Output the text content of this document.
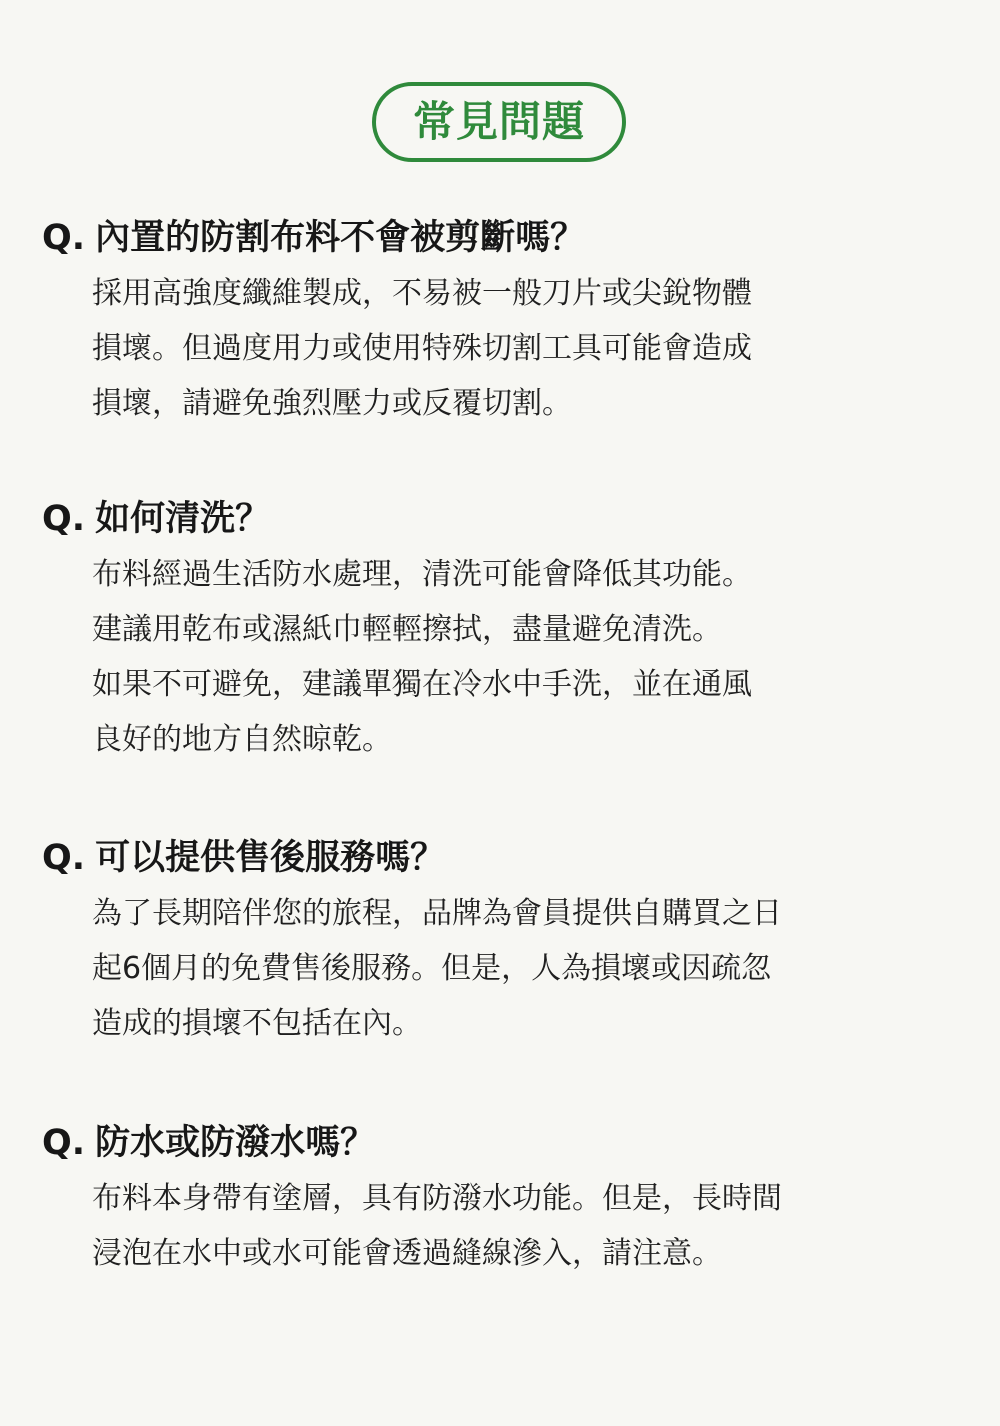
常見問題
Q. 內置的防割布料不會被剪斷嗎？
採用高強度纖維製成，不易被一般刀片或尖銳物體
損壞。但過度用力或使用特殊切割工具可能會造成
損壞，請避免強烈壓力或反覆切割。
Q. 如何清洗？
布料經過生活防水處理，清洗可能會降低其功能。
建議用乾布或濕紙巾輕輕擦拭，盡量避免清洗。
如果不可避免，建議單獨在冷水中手洗，並在通風
良好的地方自然晾乾。
Q. 可以提供售後服務嗎？
為了長期陪伴您的旅程，品牌為會員提供自購買之日
起6個月的免費售後服務。但是，人為損壞或因疏忽
造成的損壞不包括在內。
Q. 防水或防潑水嗎？
布料本身帶有塗層，具有防潑水功能。但是，長時間
浸泡在水中或水可能會透過縫線滲入，請注意。
